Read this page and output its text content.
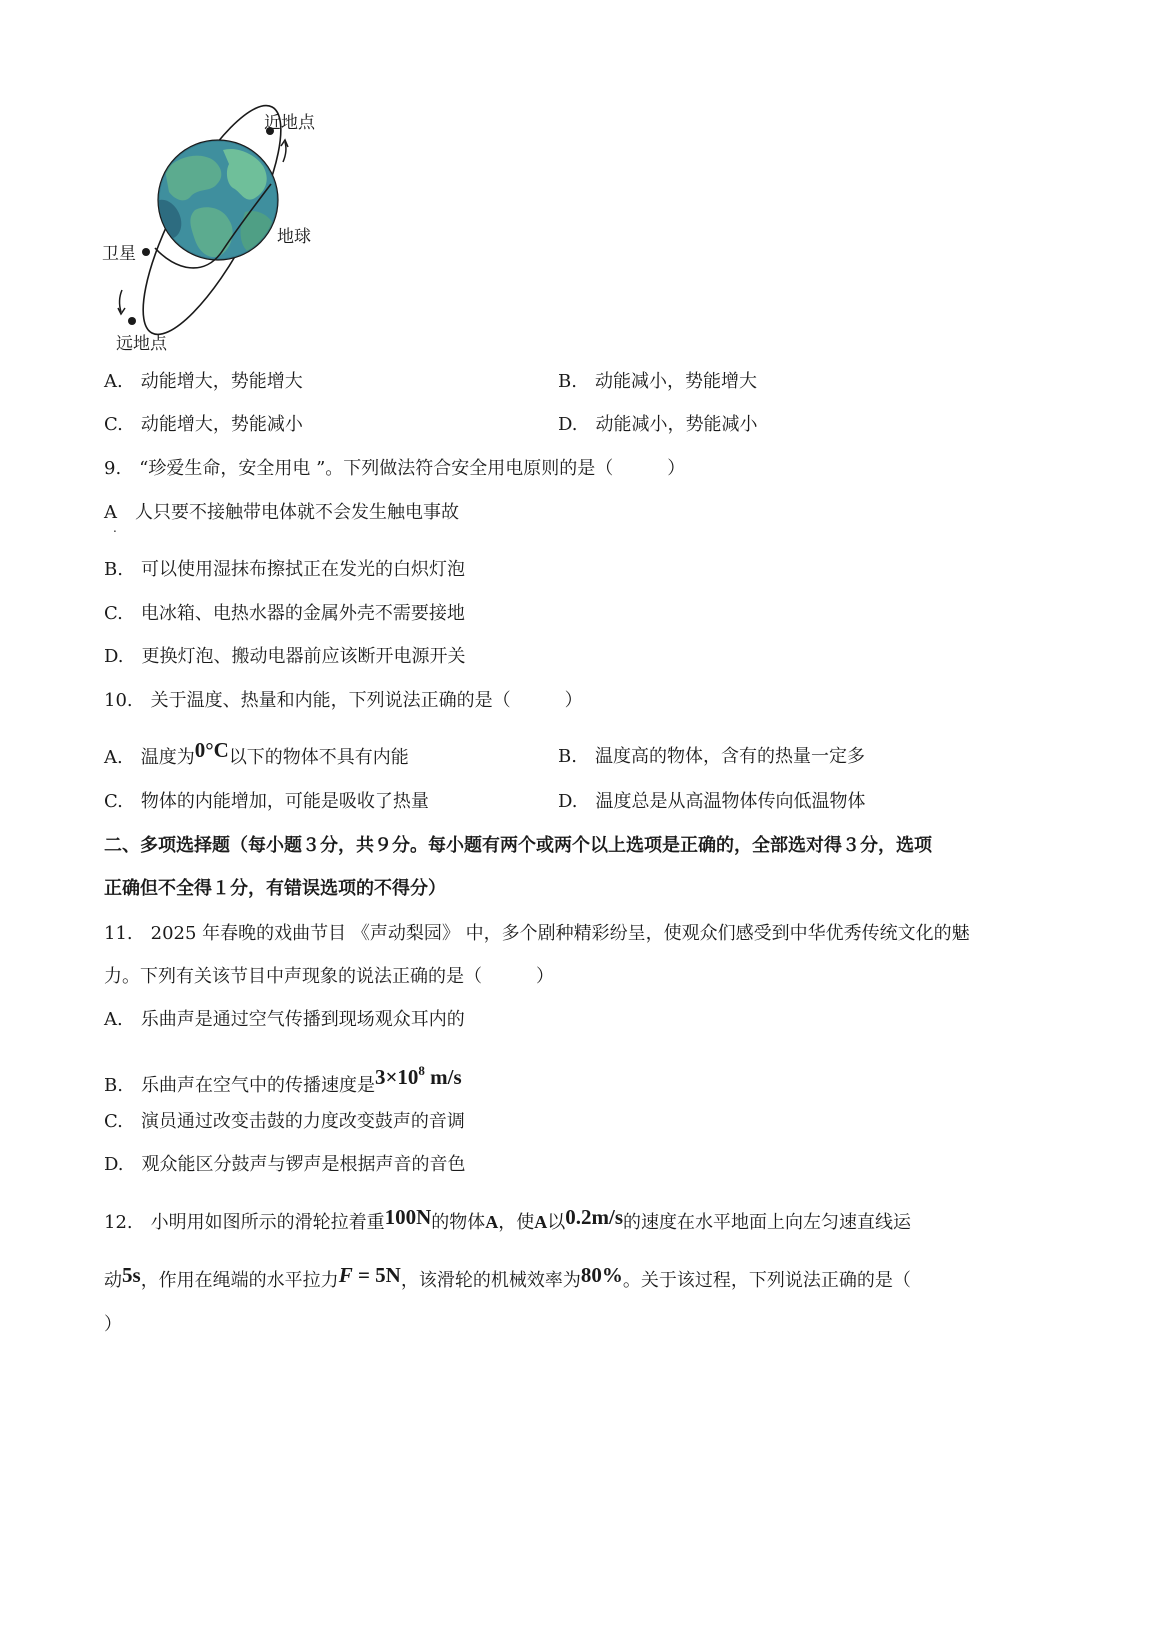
近地点
地球
卫星
远地点
A.　动能增大，势能增大	B.　动能减小，势能增大
C.　动能增大，势能减小	D.　动能减小，势能减小
9.　“珍爱生命，安全用电 ”。下列做法符合安全用电原则的是（　　　）
A　人只要不接触带电体就不会发生触电事故
.
B.　可以使用湿抹布擦拭正在发光的白炽灯泡
C.　电冰箱、电热水器的金属外壳不需要接地
D.　更换灯泡、搬动电器前应该断开电源开关
10.　关于温度、热量和内能，下列说法正确的是（　　　）
A.　温度为0°C以下的物体不具有内能	B.　温度高的物体，含有的热量一定多
C.　物体的内能增加，可能是吸收了热量	D.　温度总是从高温物体传向低温物体
二、多项选择题（每小题３分，共９分。每小题有两个或两个以上选项是正确的，全部选对得３分，选项
正确但不全得１分，有错误选项的不得分）
11.　2025 年春晚的戏曲节目 《声动梨园》 中，多个剧种精彩纷呈，使观众们感受到中华优秀传统文化的魅
力。下列有关该节目中声现象的说法正确的是（　　　）
A.　乐曲声是通过空气传播到现场观众耳内的
B.　乐曲声在空气中的传播速度是$3\times 10^8$ m/s
C.　演员通过改变击鼓的力度改变鼓声的音调
D.　观众能区分鼓声与锣声是根据声音的音色
12.　小明用如图所示的滑轮拉着重100N的物体A，使A以0.2m/s的速度在水平地面上向左匀速直线运
动5s，作用在绳端的水平拉力F = 5N，该滑轮的机械效率为80%。关于该过程，下列说法正确的是（
）
